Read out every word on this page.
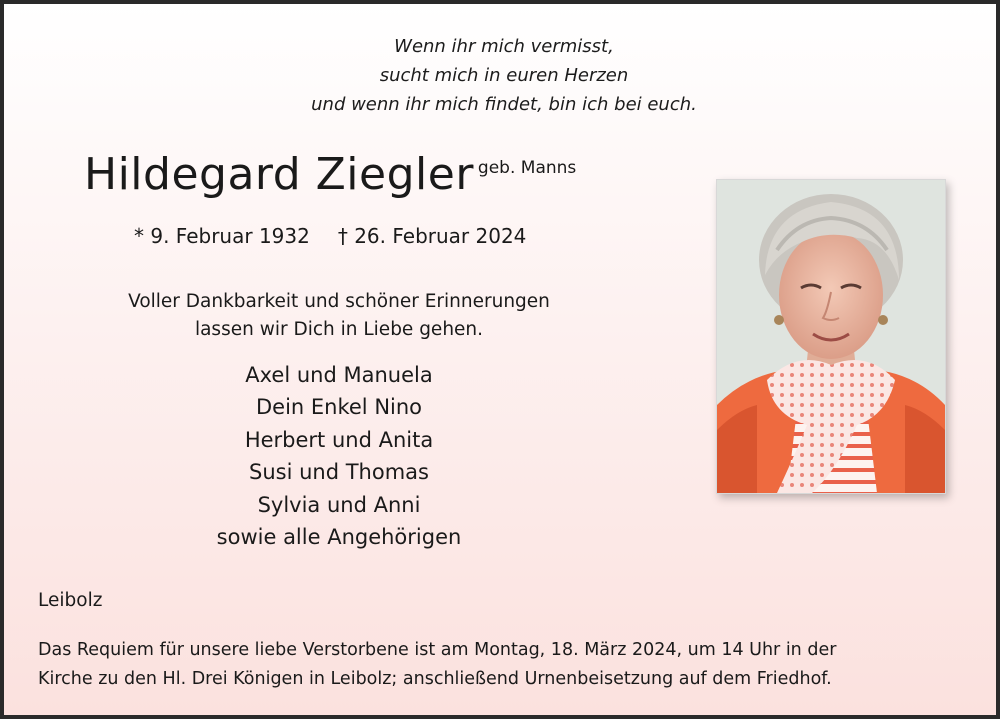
Wenn ihr mich vermisst,
sucht mich in euren Herzen
und wenn ihr mich findet, bin ich bei euch.
Hildegard Ziegler geb. Manns
* 9. Februar 1932 † 26. Februar 2024
Voller Dankbarkeit und schöner Erinnerungen
lassen wir Dich in Liebe gehen.
Axel und Manuela
Dein Enkel Nino
Herbert und Anita
Susi und Thomas
Sylvia und Anni
sowie alle Angehörigen
Leibolz
Das Requiem für unsere liebe Verstorbene ist am Montag, 18. März 2024, um 14 Uhr in der
Kirche zu den Hl. Drei Königen in Leibolz; anschließend Urnenbeisetzung auf dem Friedhof.
